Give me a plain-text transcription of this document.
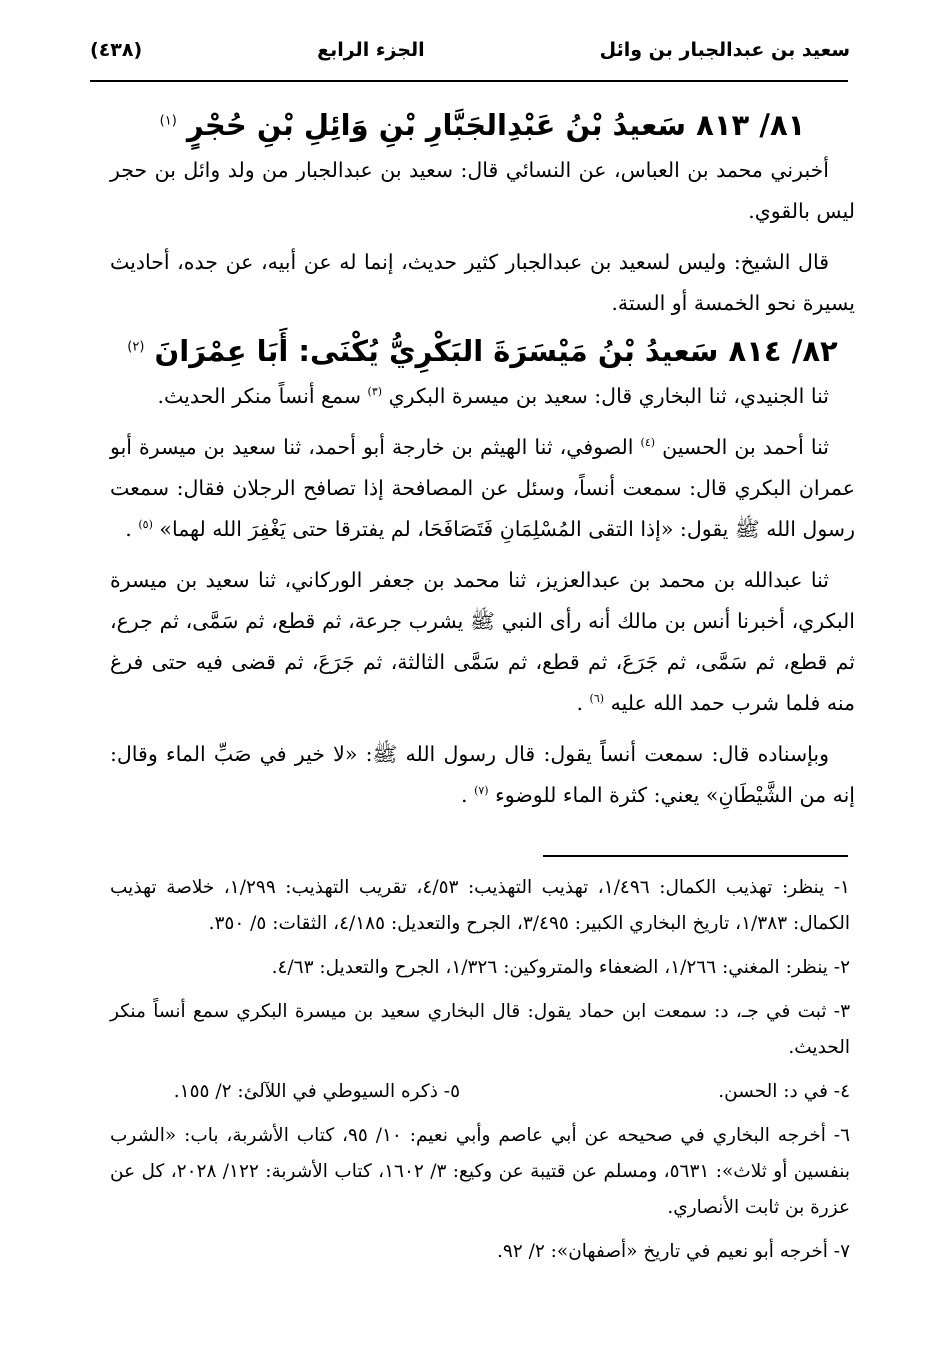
(٤٣٨)	الجزء الرابع	سعيد بن عبدالجبار بن وائل
٨١/ ٨١٣ سَعيدُ بْنُ عَبْدِالجَبَّارِ بْنِ وَائِلِ بْنِ حُجْرٍ $^{(١)}$

أخبرني محمد بن العباس، عن النسائي قال: سعيد بن عبدالجبار من ولد وائل بن حجر ليس بالقوي.

قال الشيخ: وليس لسعيد بن عبدالجبار كثير حديث، إنما له عن أبيه، عن جده، أحاديث يسيرة نحو الخمسة أو الستة.

٨٢/ ٨١٤ سَعيدُ بْنُ مَيْسَرَةَ البَكْرِيُّ يُكْنَى: أَبَا عِمْرَانَ $^{(٢)}$

ثنا الجنيدي، ثنا البخاري قال: سعيد بن ميسرة البكري $^{(٣)}$ سمع أنساً منكر الحديث.

ثنا أحمد بن الحسين $^{(٤)}$ الصوفي، ثنا الهيثم بن خارجة أبو أحمد، ثنا سعيد بن ميسرة أبو عمران البكري قال: سمعت أنساً، وسئل عن المصافحة إذا تصافح الرجلان فقال: سمعت رسول الله ﷺ يقول: «إذا التقى المُسْلِمَانِ فَتَصَافَحَا، لم يفترقا حتى يَغْفِرَ الله لهما» $^{(٥)}$ .

ثنا عبدالله بن محمد بن عبدالعزيز، ثنا محمد بن جعفر الوركاني، ثنا سعيد بن ميسرة البكري، أخبرنا أنس بن مالك أنه رأى النبي ﷺ يشرب جرعة، ثم قطع، ثم سَمَّى، ثم جرع، ثم قطع، ثم سَمَّى، ثم جَرَعَ، ثم قطع، ثم سَمَّى الثالثة، ثم جَرَعَ، ثم قضى فيه حتى فرغ منه فلما شرب حمد الله عليه $^{(٦)}$ .

وبإسناده قال: سمعت أنساً يقول: قال رسول الله ﷺ: «لا خير في صَبِّ الماء وقال: إنه من الشَّيْطَانِ» يعني: كثرة الماء للوضوء $^{(٧)}$ .

١- ينظر: تهذيب الكمال: ١/٤٩٦، تهذيب التهذيب: ٤/٥٣، تقريب التهذيب: ١/٢٩٩، خلاصة تهذيب الكمال: ١/٣٨٣، تاريخ البخاري الكبير: ٣/٤٩٥، الجرح والتعديل: ٤/١٨٥، الثقات: ٥/ ٣٥٠.

٢- ينظر: المغني: ١/٢٦٦، الضعفاء والمتروكين: ١/٣٢٦، الجرح والتعديل: ٤/٦٣.

٣- ثبت في جـ، د: سمعت ابن حماد يقول: قال البخاري سعيد بن ميسرة البكري سمع أنساً منكر الحديث.

٤- في د: الحسن.

٥- ذكره السيوطي في اللآلئ: ٢/ ١٥٥.

٦- أخرجه البخاري في صحيحه عن أبي عاصم وأبي نعيم: ١٠/ ٩٥، كتاب الأشربة، باب: «الشرب بنفسين أو ثلاث»: ٥٦٣١، ومسلم عن قتيبة عن وكيع: ٣/ ١٦٠٢، كتاب الأشربة: ١٢٢/ ٢٠٢٨، كل عن عزرة بن ثابت الأنصاري.

٧- أخرجه أبو نعيم في تاريخ «أصفهان»: ٢/ ٩٢.
